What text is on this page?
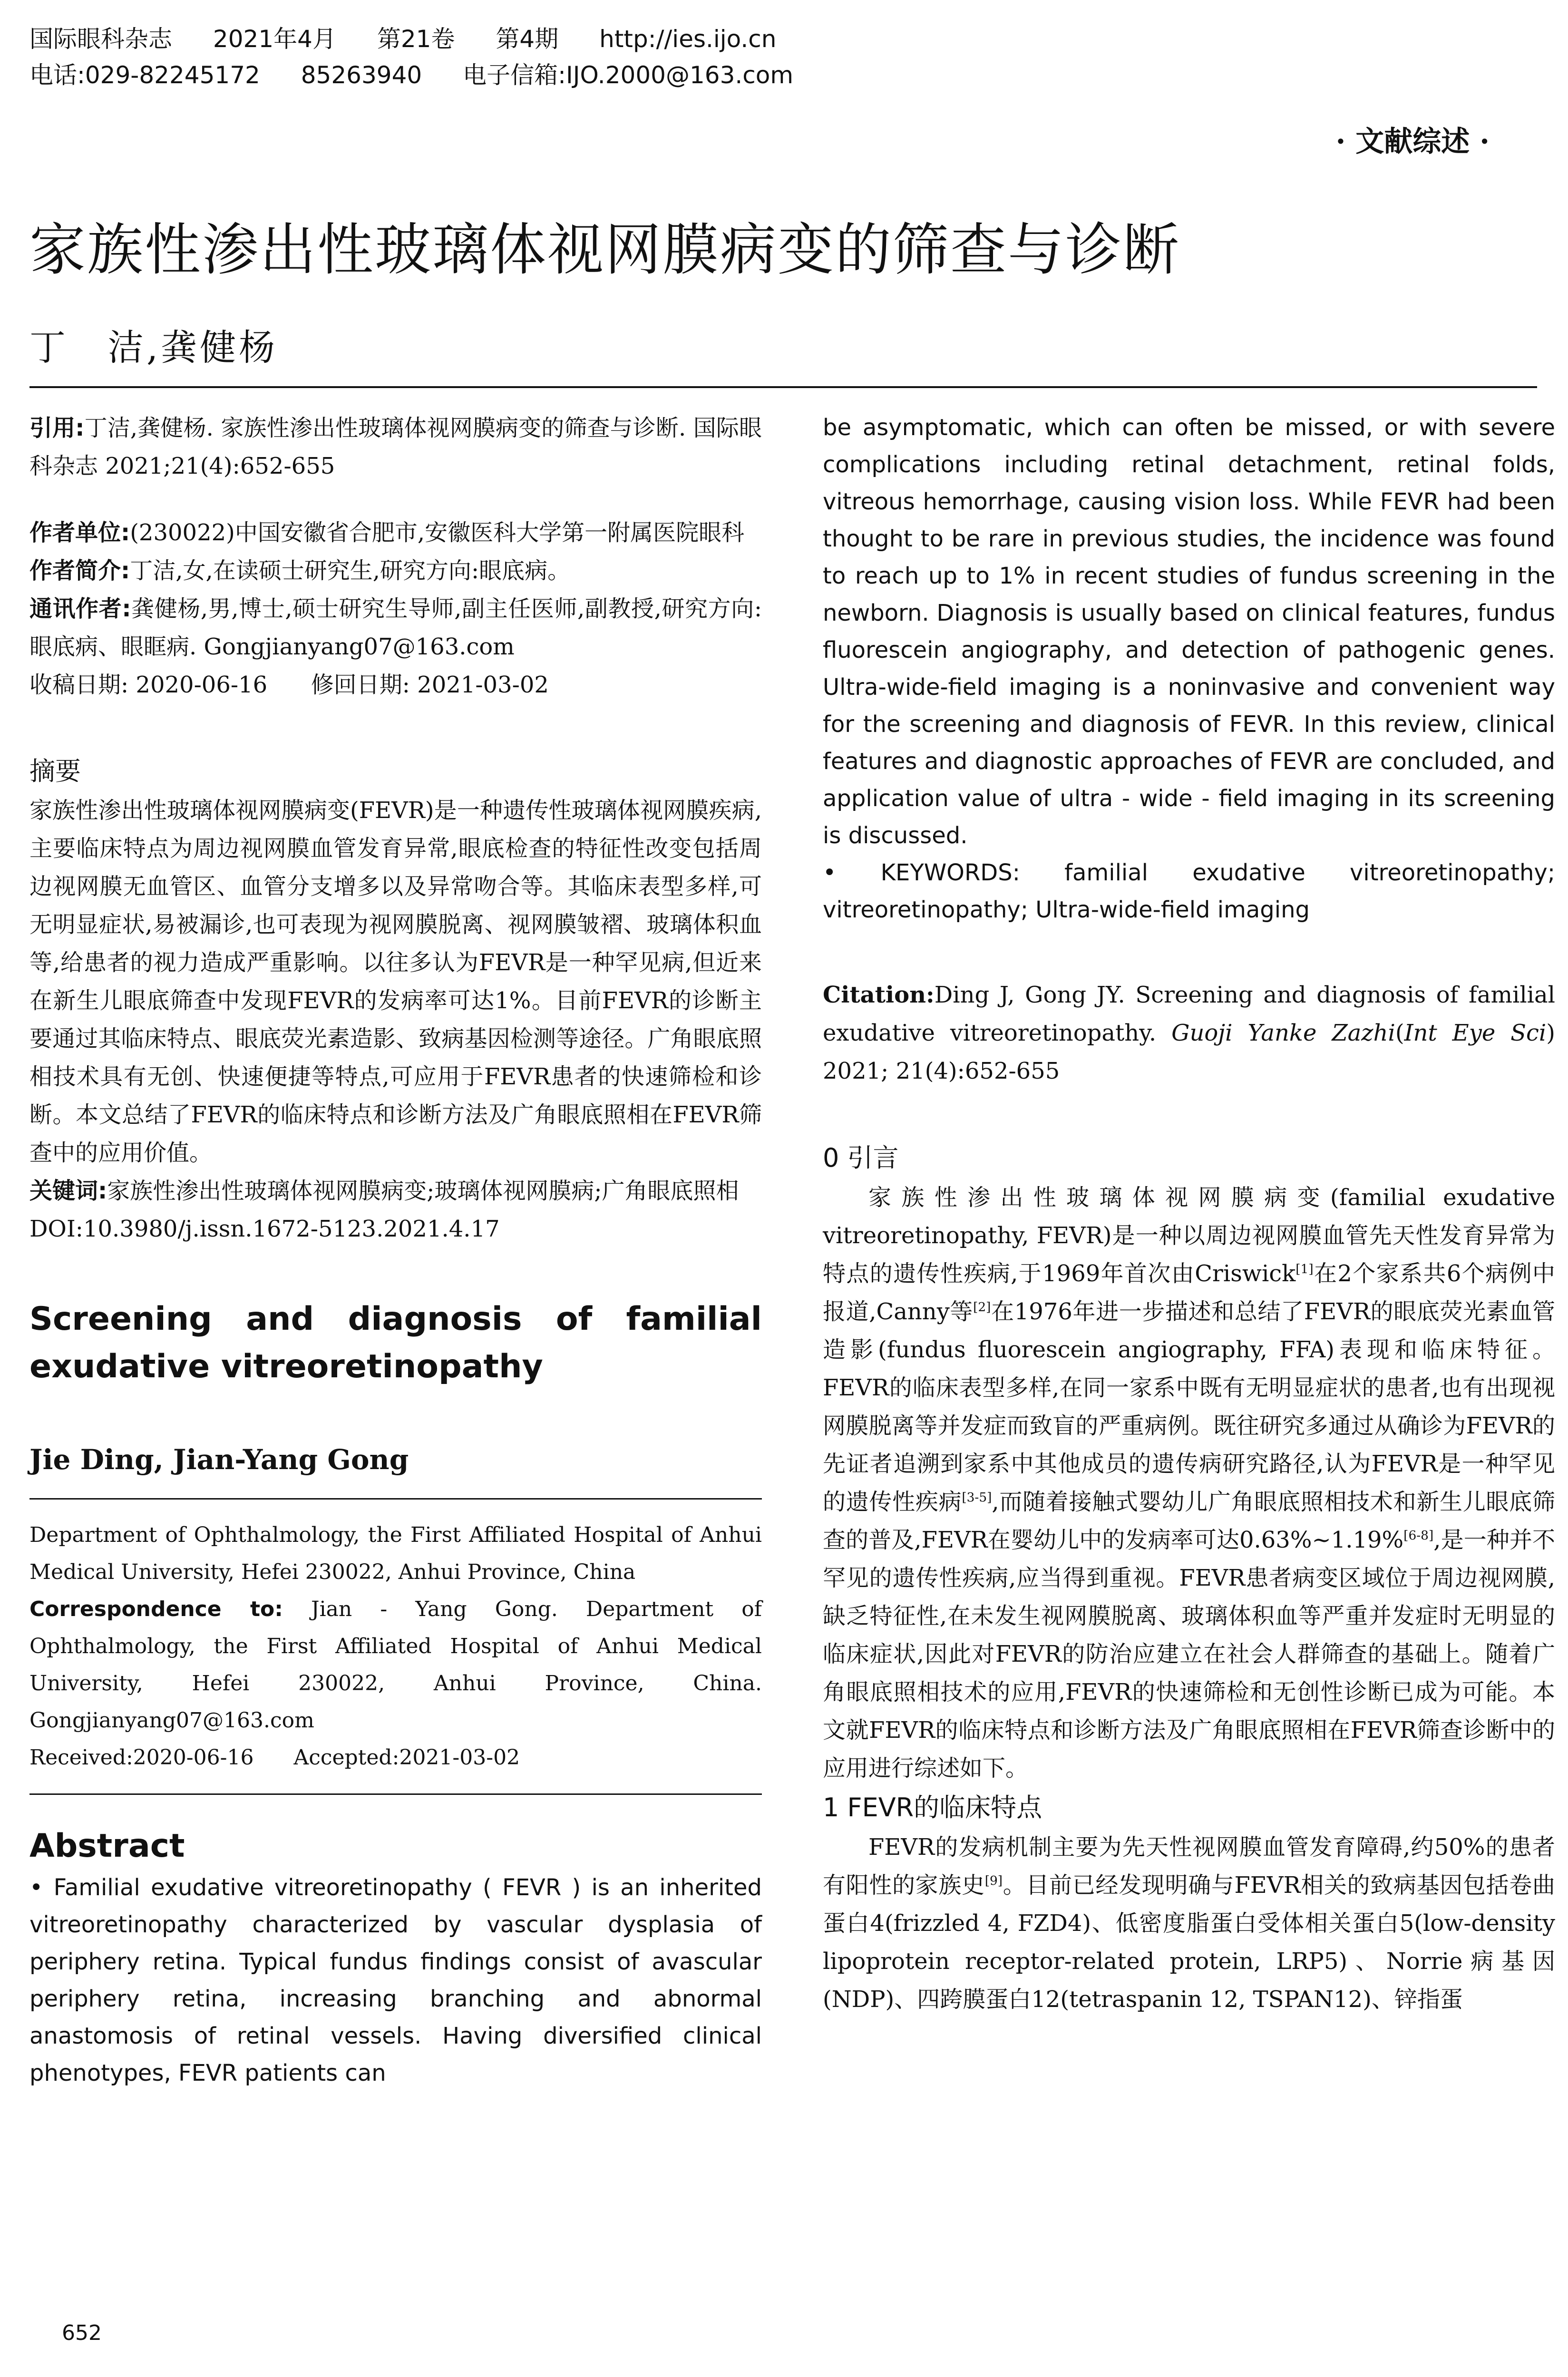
国际眼科杂志 2021年4月 第21卷 第4期 http://ies.ijo.cn
电话:029-82245172 85263940 电子信箱:IJO.2000@163.com
· 文献综述 ·
家族性渗出性玻璃体视网膜病变的筛查与诊断
丁　洁,龚健杨

引用:丁洁,龚健杨. 家族性渗出性玻璃体视网膜病变的筛查与诊断. 国际眼科杂志 2021;21(4):652-655

作者单位:(230022)中国安徽省合肥市,安徽医科大学第一附属医院眼科

作者简介:丁洁,女,在读硕士研究生,研究方向:眼底病。

通讯作者:龚健杨,男,博士,硕士研究生导师,副主任医师,副教授,研究方向:眼底病、眼眶病. Gongjianyang07@163.com

收稿日期: 2020-06-16 修回日期: 2021-03-02

摘要

家族性渗出性玻璃体视网膜病变(FEVR)是一种遗传性玻璃体视网膜疾病,主要临床特点为周边视网膜血管发育异常,眼底检查的特征性改变包括周边视网膜无血管区、血管分支增多以及异常吻合等。其临床表型多样,可无明显症状,易被漏诊,也可表现为视网膜脱离、视网膜皱褶、玻璃体积血等,给患者的视力造成严重影响。以往多认为FEVR是一种罕见病,但近来在新生儿眼底筛查中发现FEVR的发病率可达1%。目前FEVR的诊断主要通过其临床特点、眼底荧光素造影、致病基因检测等途径。广角眼底照相技术具有无创、快速便捷等特点,可应用于FEVR患者的快速筛检和诊断。本文总结了FEVR的临床特点和诊断方法及广角眼底照相在FEVR筛查中的应用价值。

关键词:家族性渗出性玻璃体视网膜病变;玻璃体视网膜病;广角眼底照相

DOI:10.3980/j.issn.1672-5123.2021.4.17

Screening and diagnosis of familial exudative vitreoretinopathy

Jie Ding, Jian-Yang Gong

Department of Ophthalmology, the First Affiliated Hospital of Anhui Medical University, Hefei 230022, Anhui Province, China

Correspondence to: Jian - Yang Gong. Department of Ophthalmology, the First Affiliated Hospital of Anhui Medical University, Hefei 230022, Anhui Province, China. Gongjianyang07@163.com

Received:2020-06-16 Accepted:2021-03-02

Abstract

• Familial exudative vitreoretinopathy ( FEVR ) is an inherited vitreoretinopathy characterized by vascular dysplasia of periphery retina. Typical fundus findings consist of avascular periphery retina, increasing branching and abnormal anastomosis of retinal vessels. Having diversified clinical phenotypes, FEVR patients can

be asymptomatic, which can often be missed, or with severe complications including retinal detachment, retinal folds, vitreous hemorrhage, causing vision loss. While FEVR had been thought to be rare in previous studies, the incidence was found to reach up to 1% in recent studies of fundus screening in the newborn. Diagnosis is usually based on clinical features, fundus fluorescein angiography, and detection of pathogenic genes. Ultra-wide-field imaging is a noninvasive and convenient way for the screening and diagnosis of FEVR. In this review, clinical features and diagnostic approaches of FEVR are concluded, and application value of ultra - wide - field imaging in its screening is discussed.

• KEYWORDS: familial exudative vitreoretinopathy; vitreoretinopathy; Ultra-wide-field imaging

Citation:Ding J, Gong JY. Screening and diagnosis of familial exudative vitreoretinopathy. Guoji Yanke Zazhi(Int Eye Sci) 2021; 21(4):652-655

0 引言

家族性渗出性玻璃体视网膜病变(familial exudative vitreoretinopathy, FEVR)是一种以周边视网膜血管先天性发育异常为特点的遗传性疾病,于1969年首次由Criswick[1]在2个家系共6个病例中报道,Canny等[2]在1976年进一步描述和总结了FEVR的眼底荧光素血管造影(fundus fluorescein angiography, FFA)表现和临床特征。FEVR的临床表型多样,在同一家系中既有无明显症状的患者,也有出现视网膜脱离等并发症而致盲的严重病例。既往研究多通过从确诊为FEVR的先证者追溯到家系中其他成员的遗传病研究路径,认为FEVR是一种罕见的遗传性疾病[3-5],而随着接触式婴幼儿广角眼底照相技术和新生儿眼底筛查的普及,FEVR在婴幼儿中的发病率可达0.63%~1.19%[6-8],是一种并不罕见的遗传性疾病,应当得到重视。FEVR患者病变区域位于周边视网膜,缺乏特征性,在未发生视网膜脱离、玻璃体积血等严重并发症时无明显的临床症状,因此对FEVR的防治应建立在社会人群筛查的基础上。随着广角眼底照相技术的应用,FEVR的快速筛检和无创性诊断已成为可能。本文就FEVR的临床特点和诊断方法及广角眼底照相在FEVR筛查诊断中的应用进行综述如下。

1 FEVR的临床特点

FEVR的发病机制主要为先天性视网膜血管发育障碍,约50%的患者有阳性的家族史[9]。目前已经发现明确与FEVR相关的致病基因包括卷曲蛋白4(frizzled 4, FZD4)、低密度脂蛋白受体相关蛋白5(low-density lipoprotein receptor-related protein, LRP5)、Norrie病基因(NDP)、四跨膜蛋白12(tetraspanin 12, TSPAN12)、锌指蛋

652
